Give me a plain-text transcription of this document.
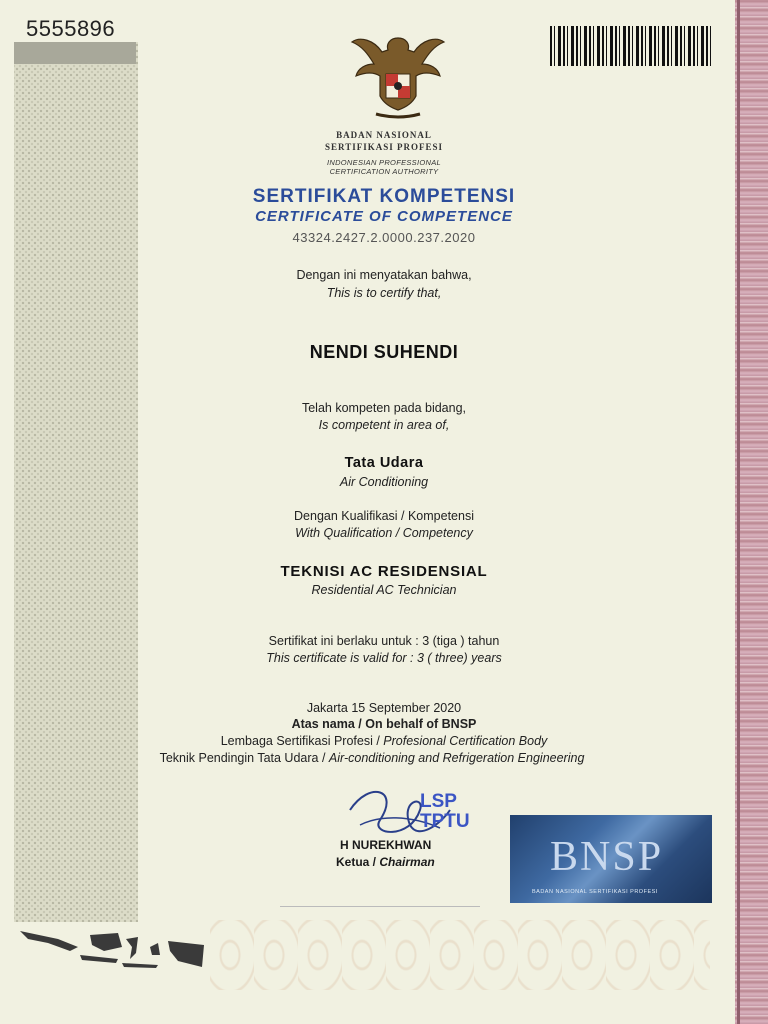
5555896
BADAN NASIONAL
SERTIFIKASI PROFESI
INDONESIAN PROFESSIONAL
CERTIFICATION AUTHORITY
SERTIFIKAT KOMPETENSI
CERTIFICATE OF COMPETENCE
43324.2427.2.0000.237.2020
Dengan ini menyatakan bahwa,
This is to certify that,
NENDI SUHENDI
Telah kompeten pada bidang,
Is competent in area of,
Tata Udara
Air Conditioning
Dengan Kualifikasi / Kompetensi
With Qualification / Competency
TEKNISI AC RESIDENSIAL
Residential AC Technician
Sertifikat ini berlaku untuk : 3 (tiga ) tahun
This certificate is valid for : 3 ( three) years
Jakarta 15 September 2020
Atas nama / On behalf of BNSP
Lembaga Sertifikasi Profesi / Profesional Certification Body
Teknik Pendingin Tata Udara / Air-conditioning and Refrigeration Engineering
LSP
TPTU
H NUREKHWAN
Ketua / Chairman	BNSP
BADAN NASIONAL SERTIFIKASI PROFESI
